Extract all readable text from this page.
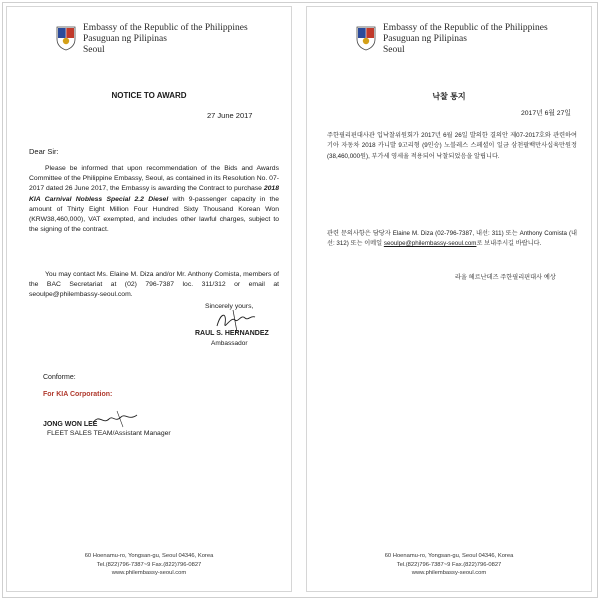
Embassy of the Republic of the Philippines
Pasuguan ng Pilipinas
Seoul
NOTICE TO AWARD
27 June 2017
Dear Sir:
Please be informed that upon recommendation of the Bids and Awards Committee of the Philippine Embassy, Seoul, as contained in its Resolution No. 07-2017 dated 26 June 2017, the Embassy is awarding the Contract to purchase 2018 KIA Carnival Nobless Special 2.2 Diesel with 9-passenger capacity in the amount of Thirty Eight Million Four Hundred Sixty Thousand Korean Won (KRW38,460,000), VAT exempted, and includes other lawful charges, subject to the signing of the contract.
You may contact Ms. Elaine M. Diza and/or Mr. Anthony Comista, members of the BAC Secretariat at (02) 796-7387 loc. 311/312 or email at seoulpe@philembassy-seoul.com.
Sincerely yours,
RAUL S. HERNANDEZ
Ambassador
Conforme:
For KIA Corporation:
JONG WON LEE
FLEET SALES TEAM/Assistant Manager
60 Hoenamu-ro, Yongsan-gu, Seoul 04346, Korea
Tel.(822)796-7387~9 Fax.(822)796-0827
www.philembassy-seoul.com
Embassy of the Republic of the Philippines
Pasuguan ng Pilipinas
Seoul
낙찰 통지
2017년 6월 27일
주한필리핀대사관 입낙찰위원회가 2017년 6월 26일 발의한 결의안 제07-2017호와 관련하여 기아 자동차 2018 카니발 9고리형 (9인승) 노블레스 스페셜이 일금 삼천팔백만사십육만원정 (38,460,000원), 부가세 영세율 적용되어 낙찰되었음을 알립니다.
관련 문의사항은 담당자 Elaine M. Diza (02-796-7387, 내선: 311) 또는 Anthony Comista (내선: 312) 또는 이메일 seoulpe@philembassy-seoul.com로 보내주시길 바랍니다.
라울 헤르난데즈 주한필리핀대사 예상
60 Hoenamu-ro, Yongsan-gu, Seoul 04346, Korea
Tel.(822)796-7387~9 Fax.(822)796-0827
www.philembassy-seoul.com
